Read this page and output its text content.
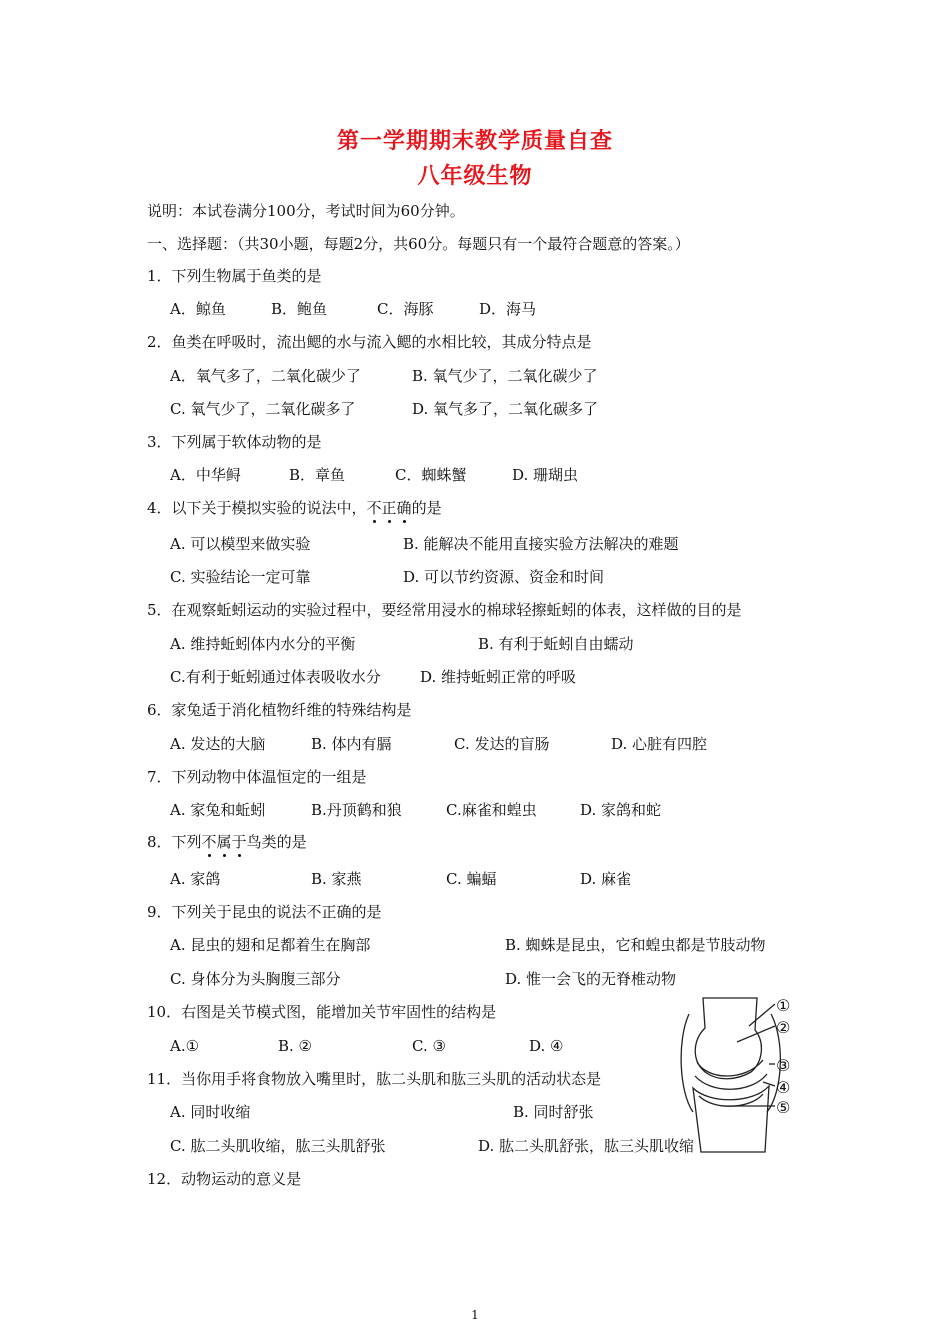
第一学期期末教学质量自查
八年级生物
说明：本试卷满分100分，考试时间为60分钟。
一、选择题：（共30小题，每题2分，共60分。每题只有一个最符合题意的答案。）
1．下列生物属于鱼类的是
A．鲸鱼	B．鲍鱼	C．海豚	D．海马
2．鱼类在呼吸时，流出鳃的水与流入鳃的水相比较，其成分特点是
A．氧气多了，二氧化碳少了	B. 氧气少了，二氧化碳少了
C. 氧气少了，二氧化碳多了	D. 氧气多了，二氧化碳多了
3．下列属于软体动物的是
A．中华鲟	B．章鱼	C．蜘蛛蟹	D. 珊瑚虫
4．以下关于模拟实验的说法中，不正确
的是
A. 可以模型来做实验	B. 能解决不能用直接实验方法解决的难题
C. 实验结论一定可靠	D. 可以节约资源、资金和时间
5．在观察蚯蚓运动的实验过程中，要经常用浸水的棉球轻擦蚯蚓的体表，这样做的目的是
A. 维持蚯蚓体内水分的平衡	B. 有利于蚯蚓自由蠕动
C.有利于蚯蚓通过体表吸收水分	D. 维持蚯蚓正常的呼吸
6．家兔适于消化植物纤维的特殊结构是
A. 发达的大脑	B. 体内有膈	C. 发达的盲肠	D. 心脏有四腔
7．下列动物中体温恒定的一组是
A. 家兔和蚯蚓	B.丹顶鹤和狼	C.麻雀和蝗虫	D. 家鸽和蛇
8．下列不属于
鸟类的是
A. 家鸽	B. 家燕	C. 蝙蝠	D. 麻雀
9．下列关于昆虫的说法不正确的是
A. 昆虫的翅和足都着生在胸部	B. 蜘蛛是昆虫，它和蝗虫都是节肢动物
C. 身体分为头胸腹三部分	D. 惟一会飞的无脊椎动物
10．右图是关节模式图，能增加关节牢固性的结构是
A.①	B. ②	C. ③	D. ④
11．当你用手将食物放入嘴里时，肱二头肌和肱三头肌的活动状态是
A. 同时收缩	B. 同时舒张
C. 肱二头肌收缩，肱三头肌舒张	D. 肱二头肌舒张，肱三头肌收缩
12．动物运动的意义是
①
②
③
④
⑤
1
